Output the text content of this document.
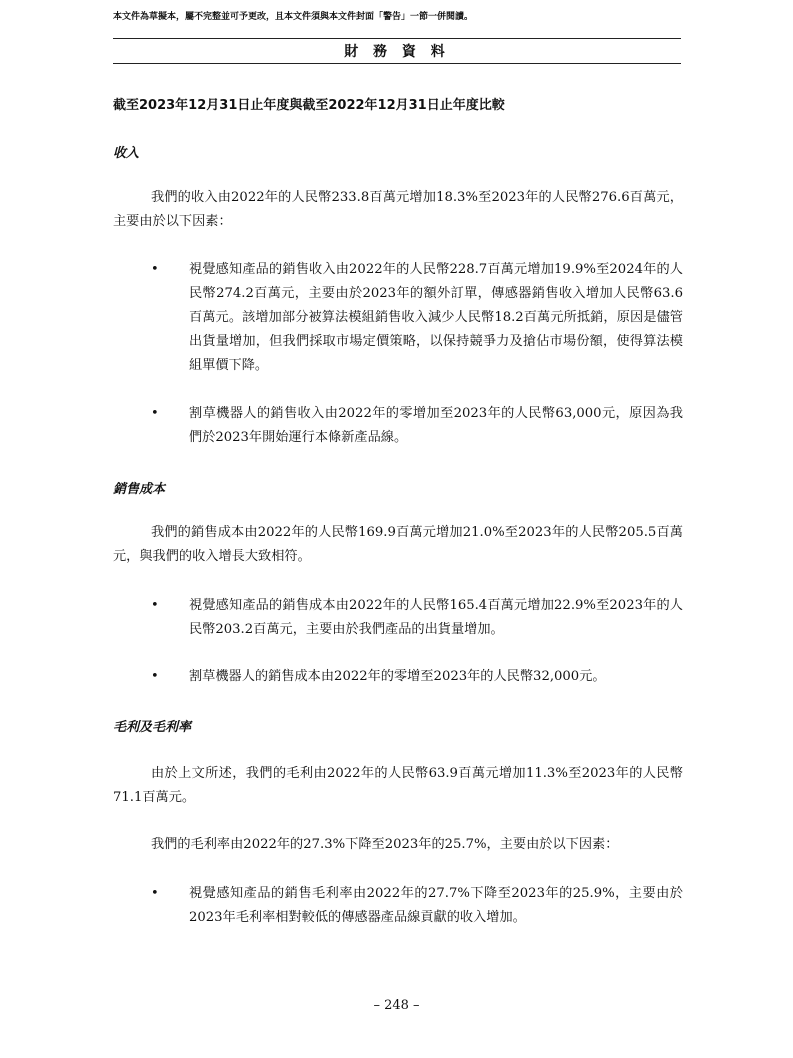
本文件為草擬本，屬不完整並可予更改，且本文件須與本文件封面「警告」一節一併閱讀。
財 務 資 料
截至2023年12月31日止年度與截至2022年12月31日止年度比較
收入

我們的收入由2022年的人民幣233.8百萬元增加18.3%至2023年的人民幣276.6百萬元，主要由於以下因素：

• 視覺感知產品的銷售收入由2022年的人民幣228.7百萬元增加19.9%至2024年的人民幣274.2百萬元，主要由於2023年的額外訂單，傳感器銷售收入增加人民幣63.6百萬元。該增加部分被算法模組銷售收入減少人民幣18.2百萬元所抵銷，原因是儘管出貨量增加，但我們採取市場定價策略，以保持競爭力及搶佔市場份額，使得算法模組單價下降。

• 割草機器人的銷售收入由2022年的零增加至2023年的人民幣63,000元，原因為我們於2023年開始運行本條新產品線。

銷售成本

我們的銷售成本由2022年的人民幣169.9百萬元增加21.0%至2023年的人民幣205.5百萬元，與我們的收入增長大致相符。

• 視覺感知產品的銷售成本由2022年的人民幣165.4百萬元增加22.9%至2023年的人民幣203.2百萬元，主要由於我們產品的出貨量增加。

• 割草機器人的銷售成本由2022年的零增至2023年的人民幣32,000元。

毛利及毛利率

由於上文所述，我們的毛利由2022年的人民幣63.9百萬元增加11.3%至2023年的人民幣71.1百萬元。

我們的毛利率由2022年的27.3%下降至2023年的25.7%，主要由於以下因素：

• 視覺感知產品的銷售毛利率由2022年的27.7%下降至2023年的25.9%，主要由於2023年毛利率相對較低的傳感器產品線貢獻的收入增加。

– 248 –
